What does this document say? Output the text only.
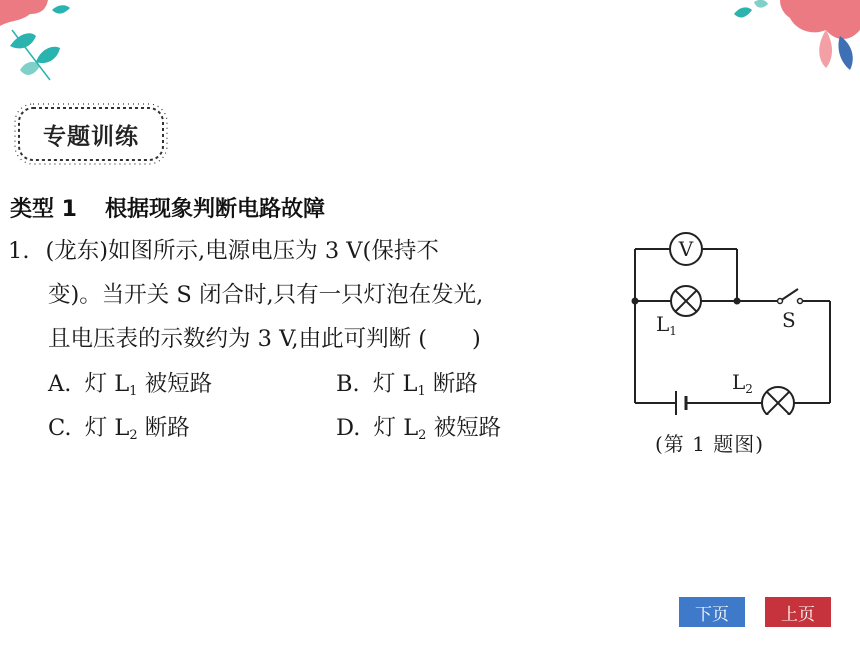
专题训练
类型 1 根据现象判断电路故障
1. (龙东)如图所示,电源电压为 3 V(保持不
变)。当开关 S 闭合时,只有一只灯泡在发光,
且电压表的示数约为 3 V,由此可判断 (　　)
A. 灯 $L_1$ 被短路	B. 灯 $L_1$ 断路
C. 灯 $L_2$ 断路	D. 灯 $L_2$ 被短路
V
$L_1$	S
$L_2$
(第 1 题图)
下页	上页
